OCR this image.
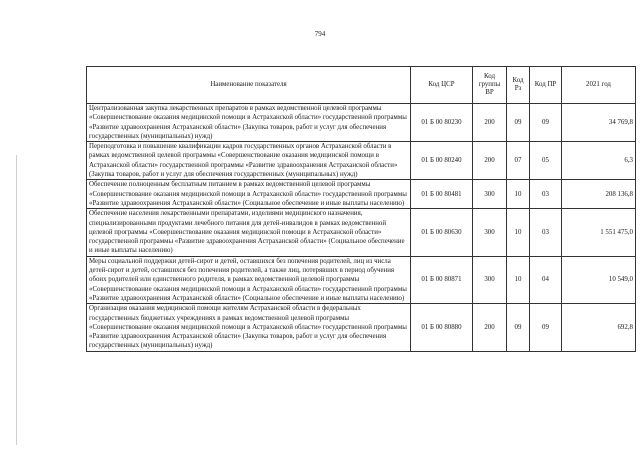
794
Наименование показателя	Код ЦСР	Код группы ВР	Код Рз	Код ПР	2021 год
Централизованная закупка лекарственных препаратов в рамках ведомственной целевой программы «Совершенствование оказания медицинской помощи в Астраханской области» государственной программы «Развитие здравоохранения Астраханской области» (Закупка товаров, работ и услуг для обеспечения государственных (муниципальных) нужд)	01 Б 00 80230	200	09	09	34 769,8
Переподготовка и повышение квалификации кадров государственных органов Астраханской области в рамках ведомственной целевой программы «Совершенствование оказания медицинской помощи в Астраханской области» государственной программы «Развитие здравоохранения Астраханской области» (Закупка товаров, работ и услуг для обеспечения государственных (муниципальных) нужд)	01 Б 00 80240	200	07	05	6,3
Обеспечение полноценным бесплатным питанием в рамках ведомственной целевой программы «Совершенствование оказания медицинской помощи в Астраханской области» государственной программы «Развитие здравоохранения Астраханской области» (Социальное обеспечение и иные выплаты населению)	01 Б 00 80481	300	10	03	208 136,8
Обеспечение населения лекарственными препаратами, изделиями медицинского назначения, специализированными продуктами лечебного питания для детей-инвалидов в рамках ведомственной целевой программы «Совершенствование оказания медицинской помощи в Астраханской области» государственной программы «Развитие здравоохранения Астраханской области» (Социальное обеспечение и иные выплаты населению)	01 Б 00 80630	300	10	03	1 551 475,0
Меры социальной поддержки детей-сирот и детей, оставшихся без попечения родителей, лиц из числа детей-сирот и детей, оставшихся без попечения родителей, а также лиц, потерявших в период обучения обоих родителей или единственного родителя, в рамках ведомственной целевой программы «Совершенствование оказания медицинской помощи в Астраханской области» государственной программы «Развитие здравоохранения Астраханской области» (Социальное обеспечение и иные выплаты населению)	01 Б 00 80871	300	10	04	10 549,0
Организация оказания медицинской помощи жителям Астраханской области в федеральных государственных бюджетных учреждениях в рамках ведомственной целевой программы «Совершенствование оказания медицинской помощи в Астраханской области» государственной программы «Развитие здравоохранения Астраханской области» (Закупка товаров, работ и услуг для обеспечения государственных (муниципальных) нужд)	01 Б 00 80880	200	09	09	692,8
